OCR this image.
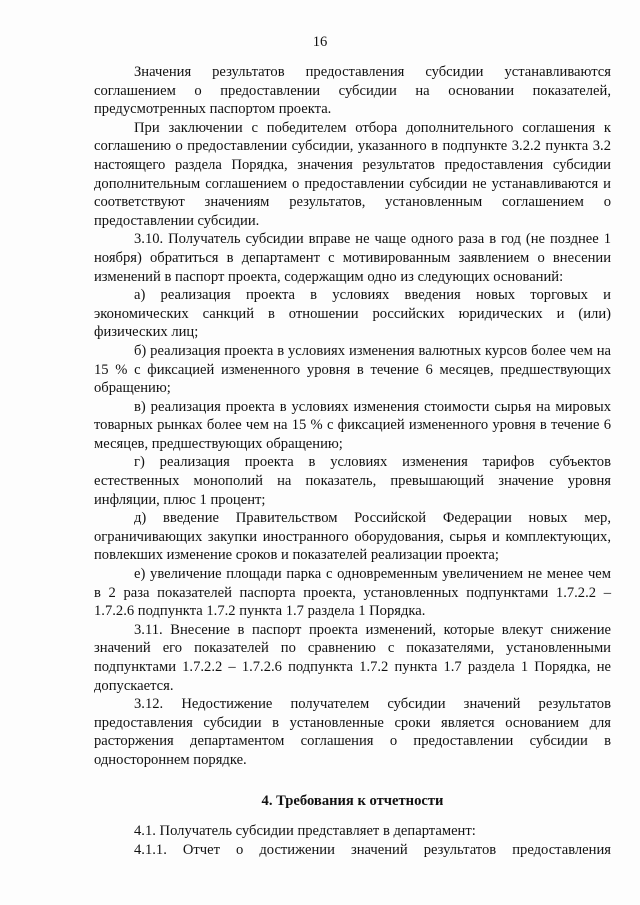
16

Значения результатов предоставления субсидии устанавливаются соглашением о предоставлении субсидии на основании показателей, предусмотренных паспортом проекта.

При заключении с победителем отбора дополнительного соглашения к соглашению о предоставлении субсидии, указанного в подпункте 3.2.2 пункта 3.2 настоящего раздела Порядка, значения результатов предоставления субсидии дополнительным соглашением о предоставлении субсидии не устанавливаются и соответствуют значениям результатов, установленным соглашением о предоставлении субсидии.

3.10. Получатель субсидии вправе не чаще одного раза в год (не позднее 1 ноября) обратиться в департамент с мотивированным заявлением о внесении изменений в паспорт проекта, содержащим одно из следующих оснований:

а) реализация проекта в условиях введения новых торговых и экономических санкций в отношении российских юридических и (или) физических лиц;

б) реализация проекта в условиях изменения валютных курсов более чем на 15 % с фиксацией измененного уровня в течение 6 месяцев, предшествующих обращению;

в) реализация проекта в условиях изменения стоимости сырья на мировых товарных рынках более чем на 15 % с фиксацией измененного уровня в течение 6 месяцев, предшествующих обращению;

г) реализация проекта в условиях изменения тарифов субъектов естественных монополий на показатель, превышающий значение уровня инфляции, плюс 1 процент;

д) введение Правительством Российской Федерации новых мер, ограничивающих закупки иностранного оборудования, сырья и комплектующих, повлекших изменение сроков и показателей реализации проекта;

е) увеличение площади парка с одновременным увеличением не менее чем в 2 раза показателей паспорта проекта, установленных подпунктами 1.7.2.2 – 1.7.2.6 подпункта 1.7.2 пункта 1.7 раздела 1 Порядка.

3.11. Внесение в паспорт проекта изменений, которые влекут снижение значений его показателей по сравнению с показателями, установленными подпунктами 1.7.2.2 – 1.7.2.6 подпункта 1.7.2 пункта 1.7 раздела 1 Порядка, не допускается.

3.12. Недостижение получателем субсидии значений результатов предоставления субсидии в установленные сроки является основанием для расторжения департаментом соглашения о предоставлении субсидии в одностороннем порядке.

4. Требования к отчетности

4.1. Получатель субсидии представляет в департамент:

4.1.1. Отчет о достижении значений результатов предоставления
